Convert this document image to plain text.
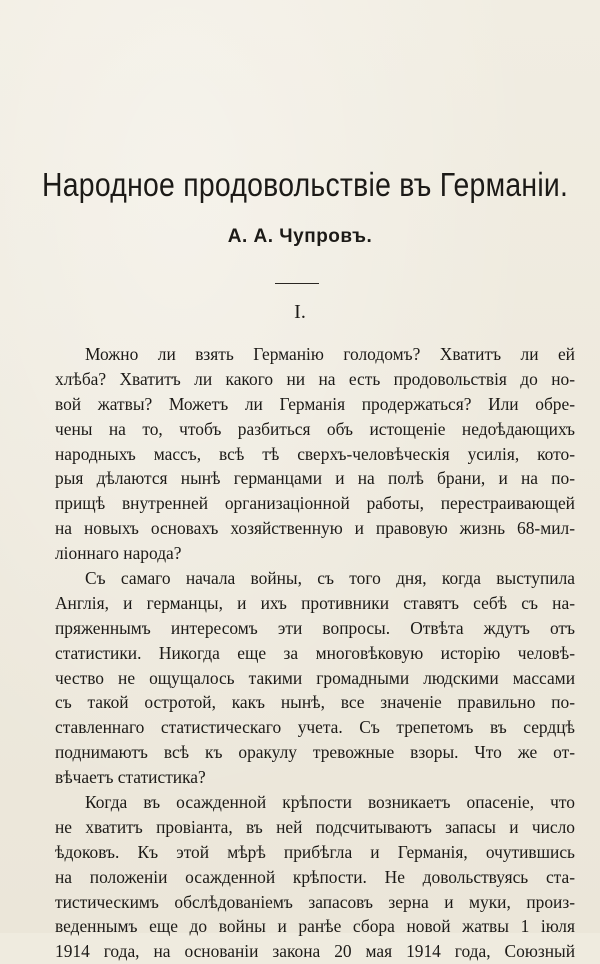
Народное продовольствіе въ Германіи.
А. А. Чупровъ.
I.
Можно ли взять Германію голодомъ? Хватитъ ли ей
хлѣба? Хватитъ ли какого ни на есть продовольствія до но-
вой жатвы? Можетъ ли Германія продержаться? Или обре-
чены на то, чтобъ разбиться объ истощеніе недоѣдающихъ
народныхъ массъ, всѣ тѣ сверхъ-человѣческія усилія, кото-
рыя дѣлаются нынѣ германцами и на полѣ брани, и на по-
прищѣ внутренней организаціонной работы, перестраивающей
на новыхъ основахъ хозяйственную и правовую жизнь 68-мил-
ліоннаго народа?
Съ самаго начала войны, съ того дня, когда выступила
Англія, и германцы, и ихъ противники ставятъ себѣ съ на-
пряженнымъ интересомъ эти вопросы. Отвѣта ждутъ отъ
статистики. Никогда еще за многовѣковую исторію человѣ-
чество не ощущалось такими громадными людскими массами
съ такой остротой, какъ нынѣ, все значеніе правильно по-
ставленнаго статистическаго учета. Съ трепетомъ въ сердцѣ
поднимаютъ всѣ къ оракулу тревожные взоры. Что же от-
вѣчаетъ статистика?
Когда въ осажденной крѣпости возникаетъ опасеніе, что
не хватитъ провіанта, въ ней подсчитываютъ запасы и число
ѣдоковъ. Къ этой мѣрѣ прибѣгла и Германія, очутившись
на положеніи осажденной крѣпости. Не довольствуясь ста-
тистическимъ обслѣдованіемъ запасовъ зерна и муки, произ-
веденнымъ еще до войны и ранѣе сбора новой жатвы 1 іюля
1914 года, на основаніи закона 20 мая 1914 года, Союзный
